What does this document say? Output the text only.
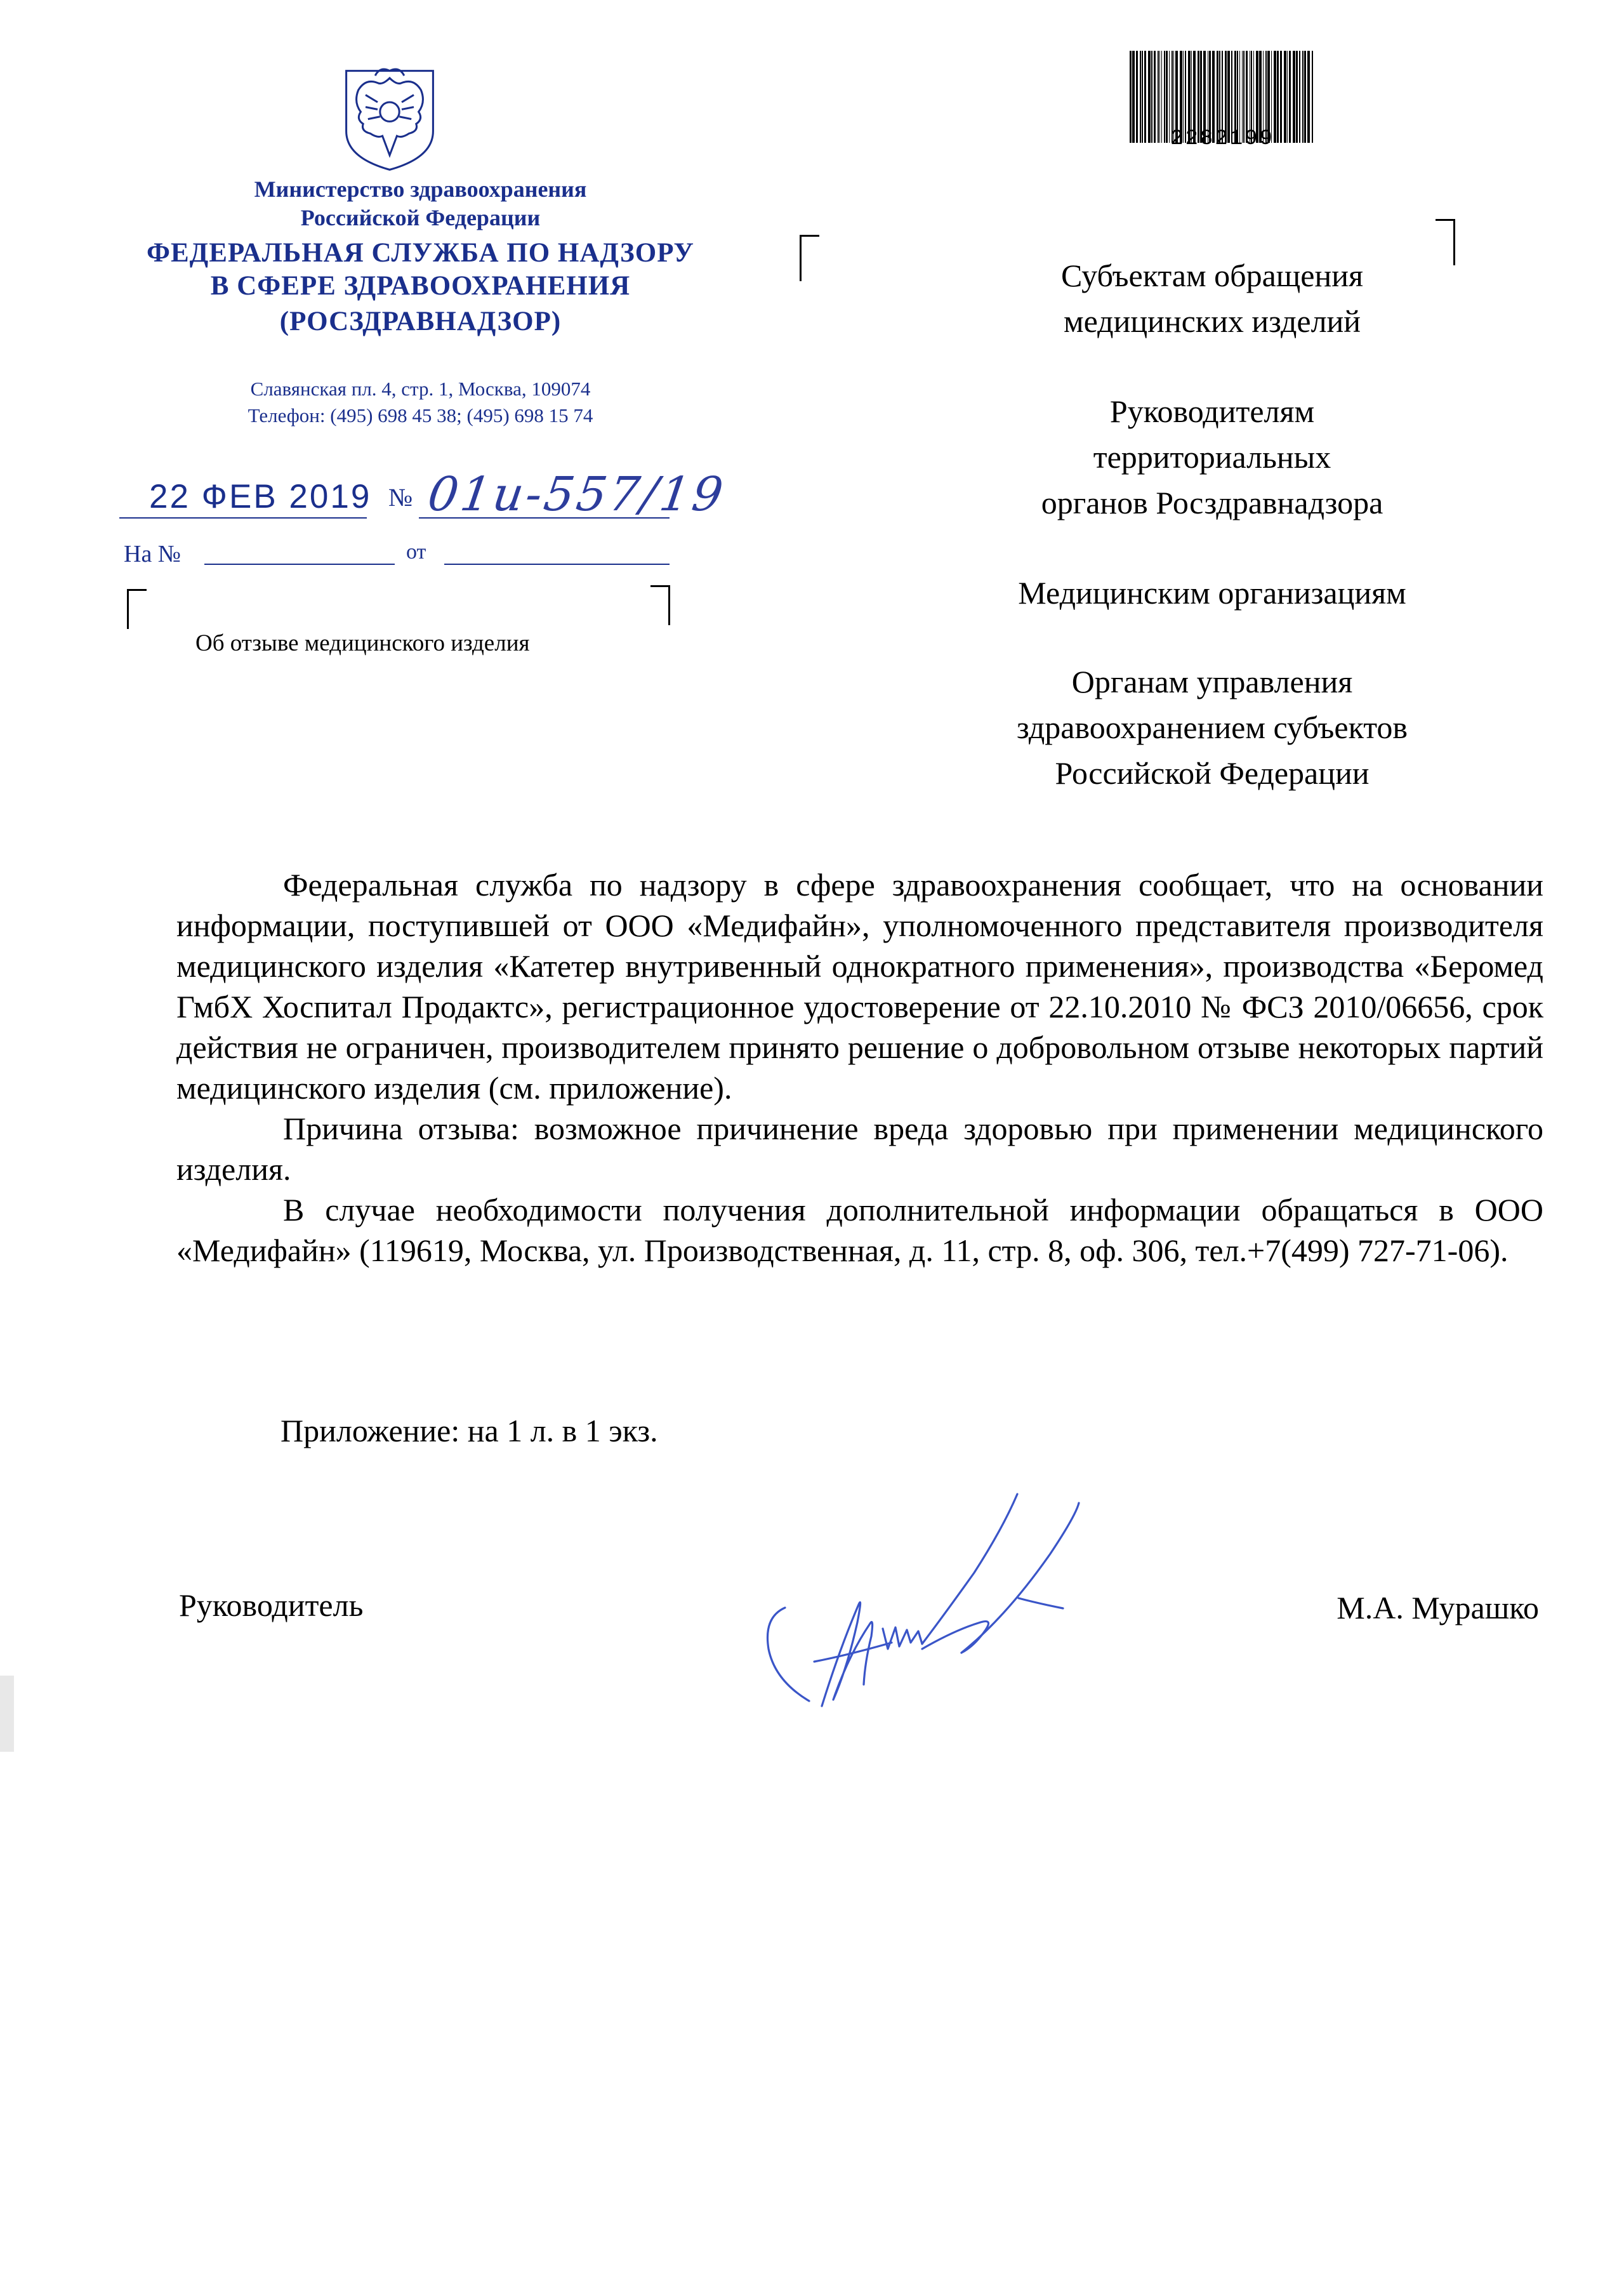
Министерство здравоохранения
Российской Федерации
ФЕДЕРАЛЬНАЯ СЛУЖБА ПО НАДЗОРУ
В СФЕРЕ ЗДРАВООХРАНЕНИЯ
(РОСЗДРАВНАДЗОР)
Славянская пл. 4, стр. 1, Москва, 109074
Телефон: (495) 698 45 38; (495) 698 15 74
22 ФЕВ 2019 № 01и-557/19
На №	от
Об отзыве медицинского изделия
2282199
Субъектам обращения
медицинских изделий
Руководителям
территориальных
органов Росздравнадзора
Медицинским организациям
Органам управления
здравоохранением субъектов
Российской Федерации

Федеральная служба по надзору в сфере здравоохранения сообщает, что на основании информации, поступившей от ООО «Медифайн», уполномоченного представителя производителя медицинского изделия «Катетер внутривенный однократного применения», производства «Беромед ГмбХ Хоспитал Продактс», регистрационное удостоверение от 22.10.2010 № ФСЗ 2010/06656, срок действия не ограничен, производителем принято решение о добровольном отзыве некоторых партий медицинского изделия (см. приложение).

Причина отзыва: возможное причинение вреда здоровью при применении медицинского изделия.

В случае необходимости получения дополнительной информации обращаться в ООО «Медифайн» (119619, Москва, ул. Производственная, д. 11, стр. 8, оф. 306, тел.+7(499) 727-71-06).

Приложение: на 1 л. в 1 экз.
Руководитель	М.А. Мурашко
